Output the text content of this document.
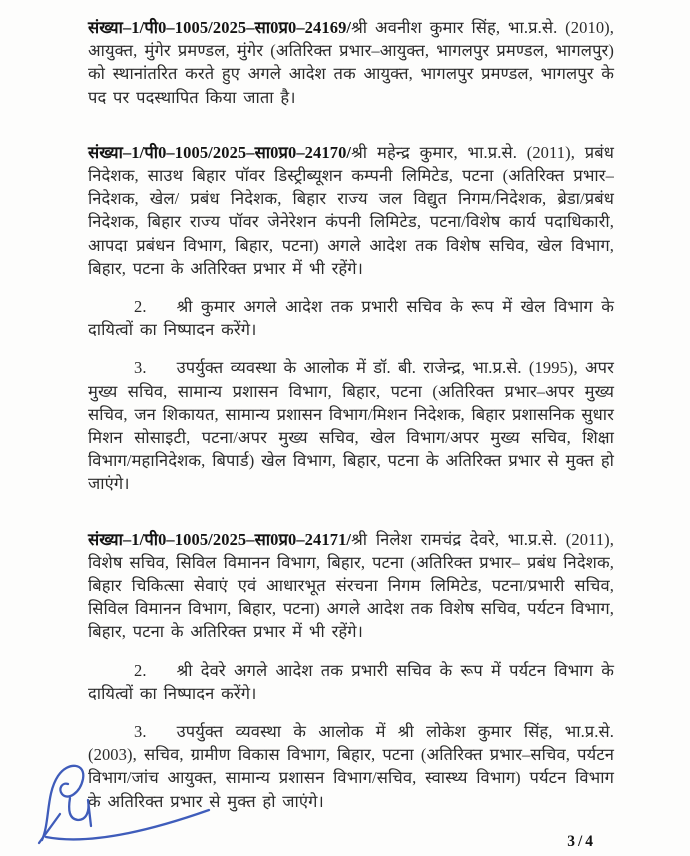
संख्या–1/पी0–1005/2025–सा0प्र0–24169/श्री अवनीश कुमार सिंह, भा.प्र.से. (2010), आयुक्त, मुंगेर प्रमण्डल, मुंगेर (अतिरिक्त प्रभार–आयुक्त, भागलपुर प्रमण्डल, भागलपुर) को स्थानांतरित करते हुए अगले आदेश तक आयुक्त, भागलपुर प्रमण्डल, भागलपुर के पद पर पदस्थापित किया जाता है।

संख्या–1/पी0–1005/2025–सा0प्र0–24170/श्री महेन्द्र कुमार, भा.प्र.से. (2011), प्रबंध निदेशक, साउथ बिहार पॉवर डिस्ट्रीब्यूशन कम्पनी लिमिटेड, पटना (अतिरिक्त प्रभार–निदेशक, खेल/ प्रबंध निदेशक, बिहार राज्य जल विद्युत निगम/निदेशक, ब्रेडा/प्रबंध निदेशक, बिहार राज्य पॉवर जेनेरेशन कंपनी लिमिटेड, पटना/विशेष कार्य पदाधिकारी, आपदा प्रबंधन विभाग, बिहार, पटना) अगले आदेश तक विशेष सचिव, खेल विभाग, बिहार, पटना के अतिरिक्त प्रभार में भी रहेंगे।

2. श्री कुमार अगले आदेश तक प्रभारी सचिव के रूप में खेल विभाग के दायित्वों का निष्पादन करेंगे।

3. उपर्युक्त व्यवस्था के आलोक में डॉ. बी. राजेन्द्र, भा.प्र.से. (1995), अपर मुख्य सचिव, सामान्य प्रशासन विभाग, बिहार, पटना (अतिरिक्त प्रभार–अपर मुख्य सचिव, जन शिकायत, सामान्य प्रशासन विभाग/मिशन निदेशक, बिहार प्रशासनिक सुधार मिशन सोसाइटी, पटना/अपर मुख्य सचिव, खेल विभाग/अपर मुख्य सचिव, शिक्षा विभाग/महानिदेशक, बिपार्ड) खेल विभाग, बिहार, पटना के अतिरिक्त प्रभार से मुक्त हो जाएंगे।

संख्या–1/पी0–1005/2025–सा0प्र0–24171/श्री निलेश रामचंद्र देवरे, भा.प्र.से. (2011), विशेष सचिव, सिविल विमानन विभाग, बिहार, पटना (अतिरिक्त प्रभार– प्रबंध निदेशक, बिहार चिकित्सा सेवाएं एवं आधारभूत संरचना निगम लिमिटेड, पटना/प्रभारी सचिव, सिविल विमानन विभाग, बिहार, पटना) अगले आदेश तक विशेष सचिव, पर्यटन विभाग, बिहार, पटना के अतिरिक्त प्रभार में भी रहेंगे।

2. श्री देवरे अगले आदेश तक प्रभारी सचिव के रूप में पर्यटन विभाग के दायित्वों का निष्पादन करेंगे।

3. उपर्युक्त व्यवस्था के आलोक में श्री लोकेश कुमार सिंह, भा.प्र.से. (2003), सचिव, ग्रामीण विकास विभाग, बिहार, पटना (अतिरिक्त प्रभार–सचिव, पर्यटन विभाग/जांच आयुक्त, सामान्य प्रशासन विभाग/सचिव, स्वास्थ्य विभाग) पर्यटन विभाग के अतिरिक्त प्रभार से मुक्त हो जाएंगे।

3/4
